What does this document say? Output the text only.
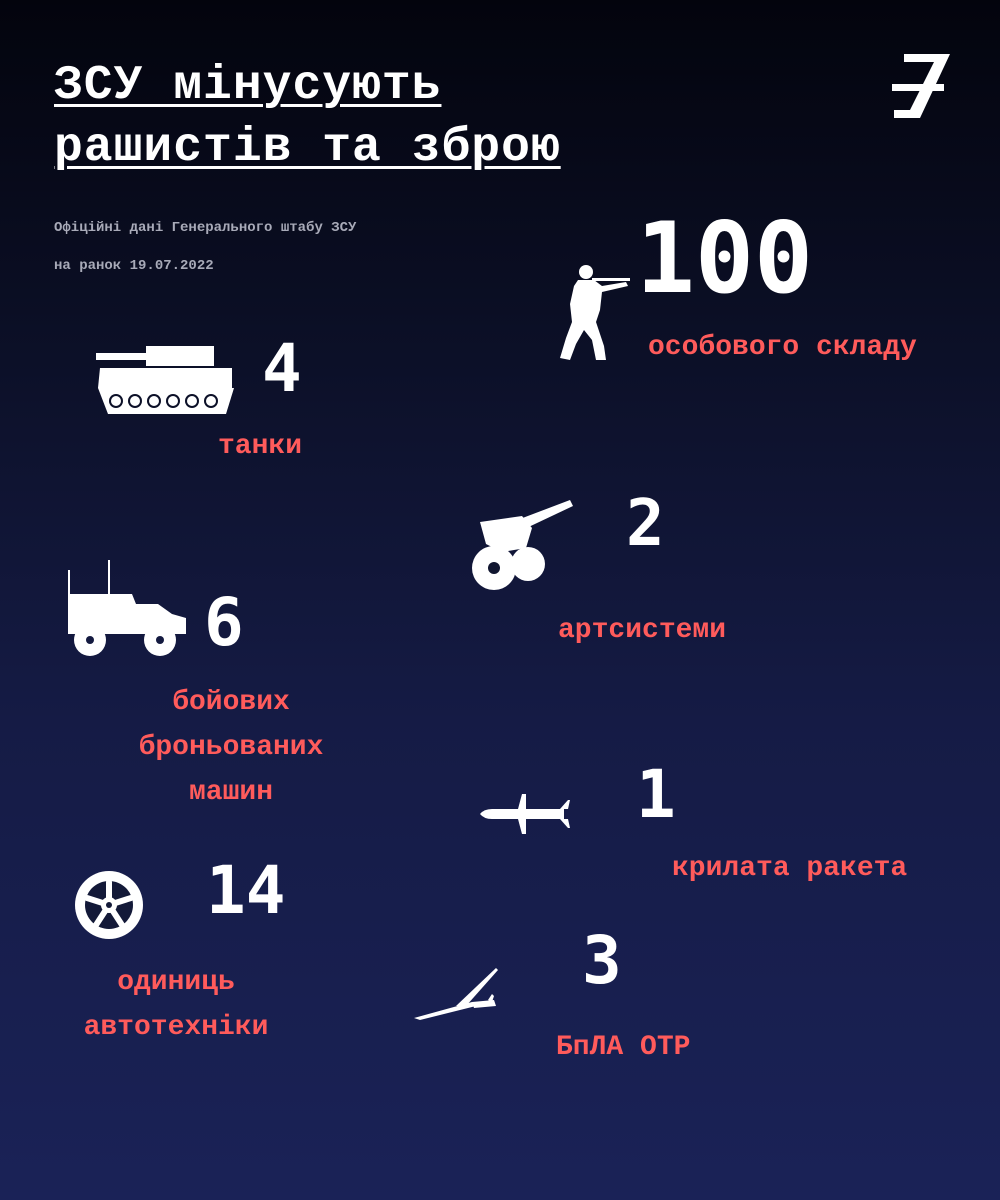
ЗСУ мінусують
рашистів та зброю
Офіційні дані Генерального штабу ЗСУ
на ранок 19.07.2022	100
особового складу
4
танки
2
артсистеми
6
бойових
броньованих
машин	1
крилата ракета
14
одиниць
автотехніки
3
БпЛА ОТР
